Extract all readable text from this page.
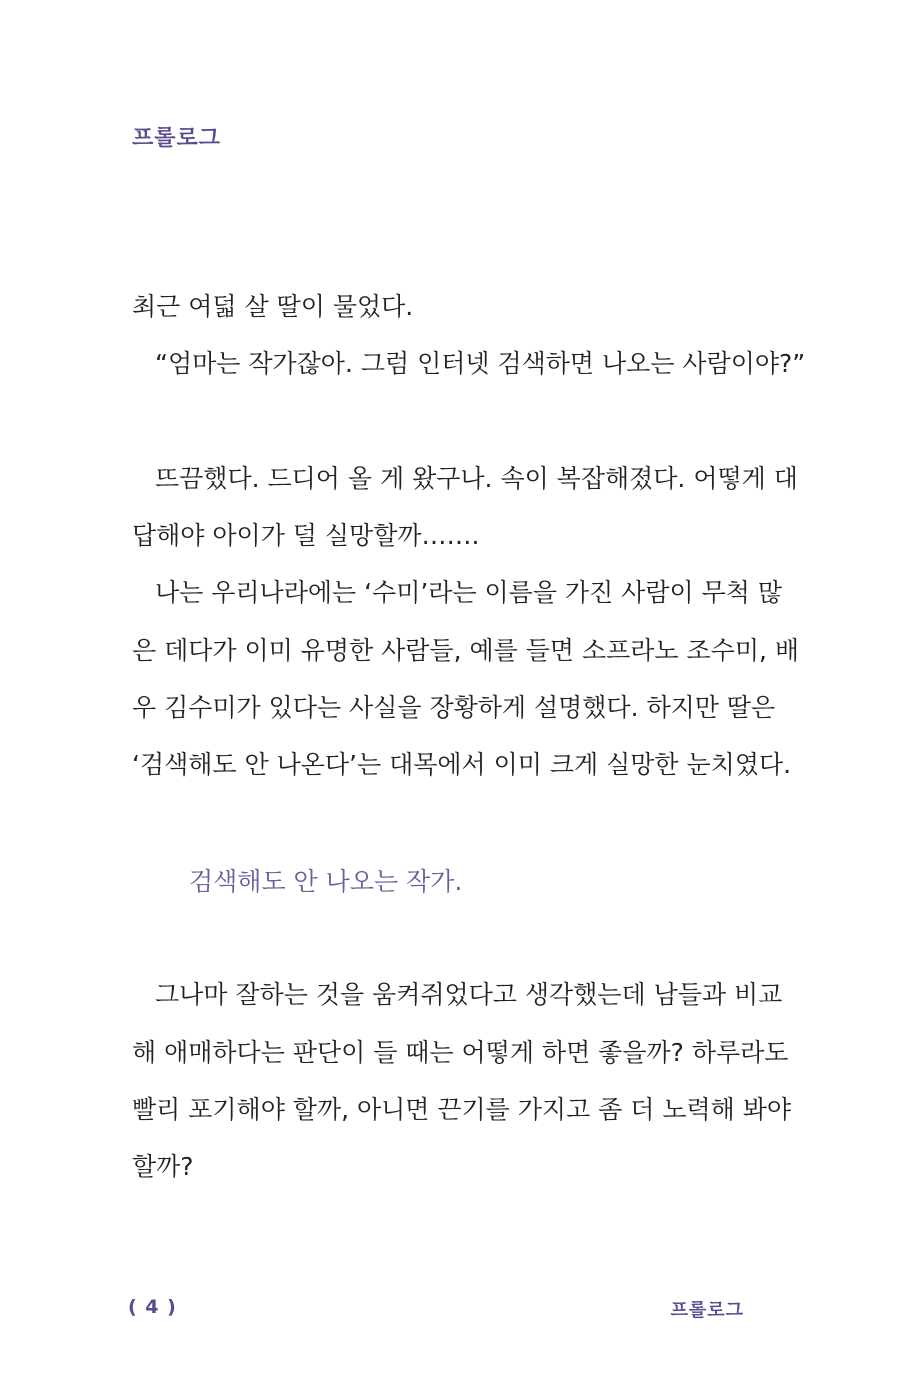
프롤로그
최근 여덟 살 딸이 물었다.
“엄마는 작가잖아. 그럼 인터넷 검색하면 나오는 사람이야?”
뜨끔했다. 드디어 올 게 왔구나. 속이 복잡해졌다. 어떻게 대
답해야 아이가 덜 실망할까…….
나는 우리나라에는 ‘수미’라는 이름을 가진 사람이 무척 많
은 데다가 이미 유명한 사람들, 예를 들면 소프라노 조수미, 배
우 김수미가 있다는 사실을 장황하게 설명했다. 하지만 딸은
‘검색해도 안 나온다’는 대목에서 이미 크게 실망한 눈치였다.
검색해도 안 나오는 작가.
그나마 잘하는 것을 움켜쥐었다고 생각했는데 남들과 비교
해 애매하다는 판단이 들 때는 어떻게 하면 좋을까? 하루라도
빨리 포기해야 할까, 아니면 끈기를 가지고 좀 더 노력해 봐야
할까?
( 4 )	프롤로그
